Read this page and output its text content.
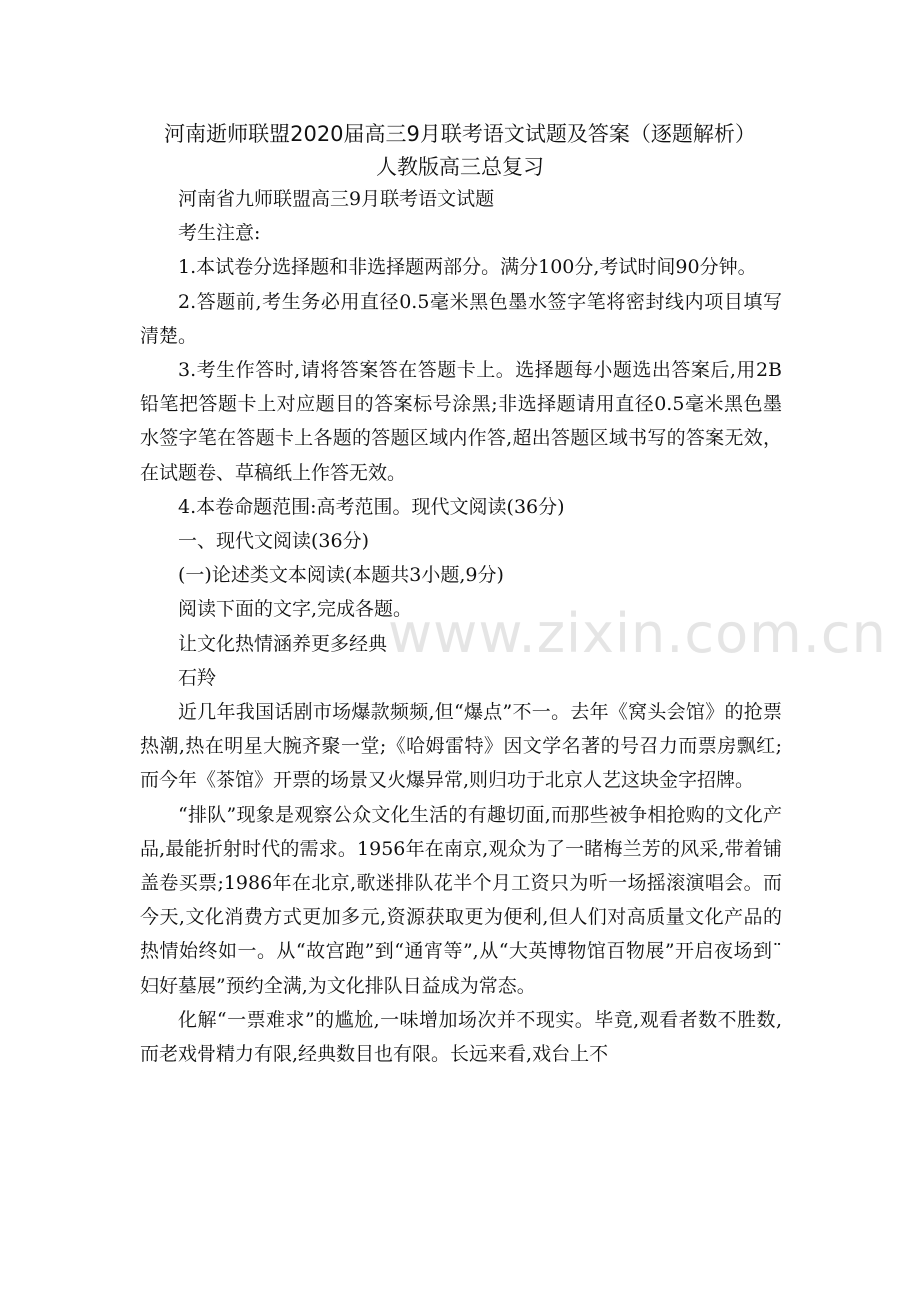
河南逝师联盟2020届高三9月联考语文试题及答案（逐题解析）
人教版高三总复习

河南省九师联盟高三9月联考语文试题

考生注意:

1.本试卷分选择题和非选择题两部分。满分100分,考试时间90分钟。

2.答题前,考生务必用直径0.5毫米黑色墨水签字笔将密封线内项目填写清楚。

3.考生作答时,请将答案答在答题卡上。选择题每小题选出答案后,用2B铅笔把答题卡上对应题目的答案标号涂黑;非选择题请用直径0.5毫米黑色墨水签字笔在答题卡上各题的答题区域内作答,超出答题区域书写的答案无效，在试题卷、草稿纸上作答无效。

4.本卷命题范围:高考范围。现代文阅读(36分)

一、现代文阅读(36分)

(一)论述类文本阅读(本题共3小题,9分)

阅读下面的文字,完成各题。

让文化热情涵养更多经典

石羚

近几年我国话剧市场爆款频频,但“爆点”不一。去年《窝头会馆》的抢票热潮,热在明星大腕齐聚一堂;《哈姆雷特》因文学名著的号召力而票房飘红;而今年《茶馆》开票的场景又火爆异常,则归功于北京人艺这块金字招牌。

“排队”现象是观察公众文化生活的有趣切面,而那些被争相抢购的文化产品,最能折射时代的需求。1956年在南京,观众为了一睹梅兰芳的风采,带着铺盖卷买票;1986年在北京,歌迷排队花半个月工资只为听一场摇滚演唱会。而今天,文化消费方式更加多元,资源获取更为便利,但人们对高质量文化产品的热情始终如一。从“故宫跑”到“通宵等”,从“大英博物馆百物展”开启夜场到¨妇好墓展”预约全满,为文化排队日益成为常态。

化解“一票难求”的尴尬,一味增加场次并不现实。毕竟,观看者数不胜数,而老戏骨精力有限,经典数目也有限。长远来看,戏台上不

www.zixin.com.cn
